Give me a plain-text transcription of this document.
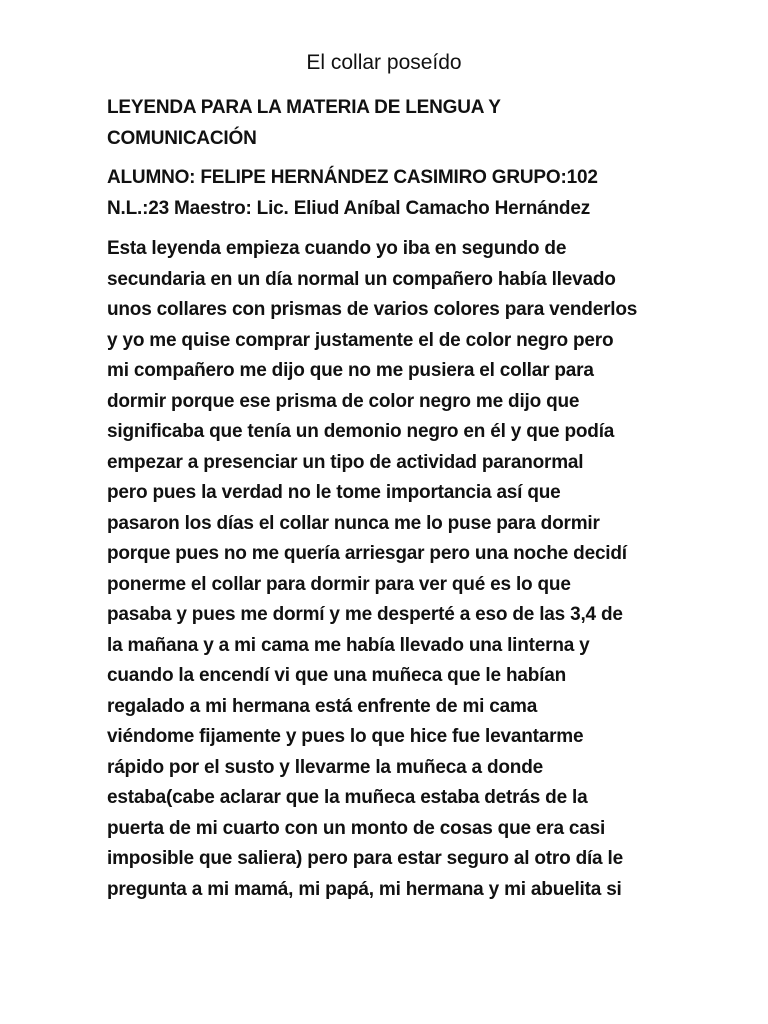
El collar poseído
LEYENDA PARA LA MATERIA DE LENGUA Y
COMUNICACIÓN
ALUMNO: FELIPE HERNÁNDEZ CASIMIRO GRUPO:102
N.L.:23 Maestro: Lic. Eliud Aníbal Camacho Hernández
Esta leyenda empieza cuando yo iba en segundo de
secundaria en un día normal un compañero había llevado
unos collares con prismas de varios colores para venderlos
y yo me quise comprar justamente el de color negro pero
mi compañero me dijo que no me pusiera el collar para
dormir porque ese prisma de color negro me dijo que
significaba que tenía un demonio negro en él y que podía
empezar a presenciar un tipo de actividad paranormal
pero pues la verdad no le tome importancia así que
pasaron los días el collar nunca me lo puse para dormir
porque pues no me quería arriesgar pero una noche decidí
ponerme el collar para dormir para ver qué es lo que
pasaba y pues me dormí y me desperté a eso de las 3,4 de
la mañana y a mi cama me había llevado una linterna y
cuando la encendí vi que una muñeca que le habían
regalado a mi hermana está enfrente de mi cama
viéndome fijamente y pues lo que hice fue levantarme
rápido por el susto y llevarme la muñeca a donde
estaba(cabe aclarar que la muñeca estaba detrás de la
puerta de mi cuarto con un monto de cosas que era casi
imposible que saliera) pero para estar seguro al otro día le
pregunta a mi mamá, mi papá, mi hermana y mi abuelita si
